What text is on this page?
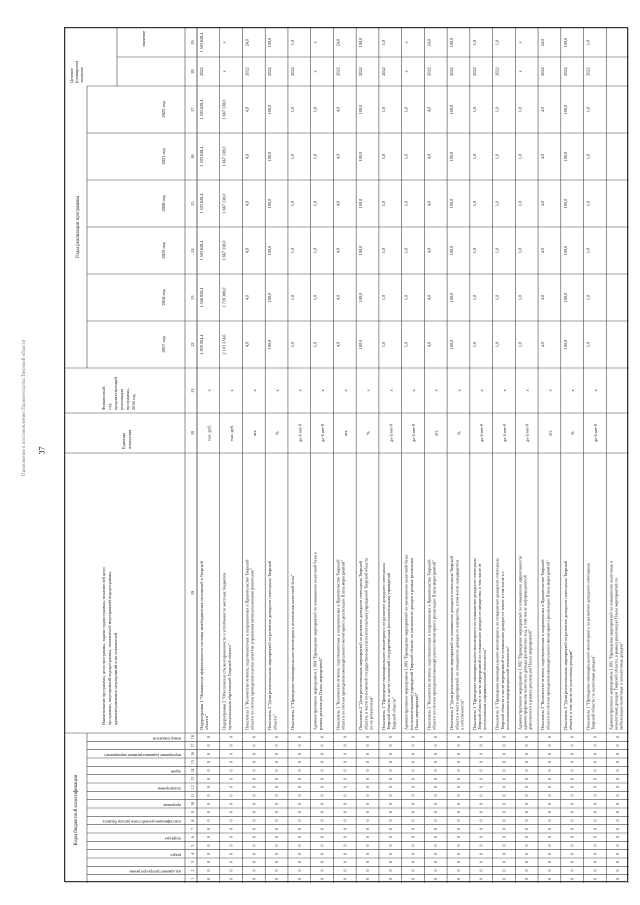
37
Приложение к постановлению Правительства Тверской области
Коды бюджетной классификации
Годы реализации программы
Наименование программы, цели программы, задачи подпрограммы, показателей цели программы, мероприятий подпрограммы, показателей мероприятий подпрограммы, административных мероприятий и их показателей
Единица измерения
Финансовый год, предшествующий реализации программы, 2016 год
Целевое (суммарное) значение
значение
2017 год
2018 год
2019 год
2020 год
2021 год
2022 год
код администратора программы
раздел
подраздел
классификация целевой статьи расхода бюджета
программа
подпрограмма
задача
мероприятие (административное мероприятие)
номер показателя
1
2
3
4
5
6
7
8
9
10
11
12
13
14
15
16
17
18
19
20
21
22
23
24
25
26
27
28
29
0
0
0
0
0
0
0
0
0
0
0
0
0
0
0
0
0
0
Подпрограмма 1 "Повышение эффективности системы межбюджетных отношений в Тверской области"
тыс. руб.
х
1 850 004,4
1 556 830,4
1 503 628,4
1 503 628,4
1 503 628,4
1 503 628,4
2022
1 503 628,4
0
0
0
0
0
0
0
0
0
0
0
0
0
0
0
0
0
0
Подпрограмма 2 "Обеспечение сбалансированности и устойчивости местных бюджетов муниципальных образований Тверской области"
тыс. руб.
х
2 103 374,6
1 739 388,0
1 667 138,0
1 667 138,0
1 667 138,0
1 667 138,0
х
х
0
0
0
0
0
0
0
0
0
0
0
0
0
0
0
0
0
0
Показатель 3 "Количество отчетов, подготовленных и направленных в Правительство Тверской области по итогам проведения оценки качества управления муниципальными финансами"
шт.
х
4,0
4,0
4,0
4,0
4,0
4,0
2022
24,0
0
0
0
0
0
0
0
0
0
0
0
0
0
0
0
0
0
0
Показатель 2 "Доля реализованных мероприятий по развитию доходного потенциала Тверской области"
%
х
100,0
100,0
100,0
100,0
100,0
100,0
2022
100,0
0
0
0
0
0
0
0
0
0
0
0
0
0
0
0
0
0
0
Показатель 1 "Проведение ежеквартального мониторинга исполнения налоговой базы"
да-1/нет-0
х
1,0
1,0
1,0
1,0
1,0
1,0
2022
1,0
0
0
0
0
0
0
0
0
0
0
0
0
0
0
0
0
0
0
Административное мероприятие 1.004 "Проведение мероприятий по повышению налоговой базы в рамках реализации Плана мероприятий"
да-1/нет-0
х
1,0
1,0
1,0
1,0
1,0
1,0
х
х
0
0
0
0
0
0
0
0
0
0
0
0
0
0
0
0
0
0
Показатель 1 "Количество отчетов, подготовленных и направленных в Правительство Тверской области по итогам проведения ежеквартального мониторинга реализации Плана мероприятий"
шт.
х
4,0
4,0
4,0
4,0
4,0
4,0
2022
24,0
0
0
0
0
0
0
0
0
0
0
0
0
0
0
0
0
0
0
Показатель 2 "Доля реализованных мероприятий по развитию доходного потенциала Тверской области, в части полномочий государственных (исполнительных) учреждений Тверской области по их результатам"
%
х
100,0
100,0
100,0
100,0
100,0
100,0
2022
100,0
0
0
0
0
0
0
0
0
0
0
0
0
0
0
0
0
0
0
Показатель 1 "Проведение ежеквартального мониторинга по развитию доходного потенциала Тверской области, в части полномочий государственных (исполнительных) учреждений Тверской области"
да-1/нет-0
х
1,0
1,0
1,0
1,0
1,0
1,0
2022
1,0
0
0
0
0
0
0
0
0
0
0
0
0
0
0
0
0
0
0
Административное мероприятие 1.003 "Проведение мероприятий по увеличению налоговой базы (исполнительными) учреждений Тверской области по увеличению доходов в рамках реализации Плана мероприятий"
да-1/нет-0
х
1,0
1,0
1,0
1,0
1,0
1,0
х
х
0
0
0
0
0
0
0
0
0
0
0
0
0
0
0
0
0
0
Показатель 3 "Количество отчетов, подготовленных и направленных в Правительство Тверской области по итогам проведения ежеквартального мониторинга реализации Плана мероприятий"
шт.
х
4,0
4,0
4,0
4,0
4,0
4,0
2022
24,0
0
0
0
0
0
0
0
0
0
0
0
0
0
0
0
0
0
0
Показатель 2 "Доля реализованных мероприятий по повышению доходного потенциала Тверской области в части мероприятий по повышению доходов от имущества, в том числе находящегося в собственности"
%
х
100,0
100,0
100,0
100,0
100,0
100,0
2022
100,0
0
0
0
0
0
0
0
0
0
0
0
0
0
0
0
0
0
0
Показатель 1 "Проведение ежеквартального мониторинга по повышению доходного потенциала Тверской области в части мероприятий по повышению доходов от имущества, в том числе от использования информационной технологии"
да-1/нет-0
х
1,0
1,0
1,0
1,0
1,0
1,0
2022
1,0
0
0
0
0
0
0
0
0
0
0
0
0
0
0
0
0
0
0
Показатель 3 "Проведение ежеквартального мониторинга по повышению доходного потенциала Тверской области в части мероприятий по повышению доходов от земли, в том числе и с использованием информационной технологии"
да-1/нет-0
х
1,0
1,0
1,0
1,0
1,0
1,0
2022
1,0
0
0
0
0
0
0
0
0
0
0
0
0
0
0
0
0
0
0
Административное мероприятие 1.002 "Проведение мероприятий по повышению эффективности администрирования налогов на доходы физических лиц, в том числе информационной деятельности в рамках реализации Плана мероприятий"
да-1/нет-0
х
1,0
1,0
1,0
1,0
1,0
1,0
х
х
0
0
0
0
0
0
0
0
0
0
0
0
0
0
0
0
0
0
Показатель 3 "Количество отчетов, подготовленных и направленных в Правительство Тверской области по итогам проведения ежеквартального мониторинга реализации Плана мероприятий"
шт.
х
4,0
4,0
4,0
4,0
4,0
4,0
2022
24,0
0
0
0
0
0
0
0
0
0
0
0
0
0
0
0
0
0
0
Показатель 2 "Доля реализованных мероприятий по развитию доходного потенциала Тверской области, в том числе по налоговым доходам"
%
х
100,0
100,0
100,0
100,0
100,0
100,0
2022
100,0
0
0
0
0
0
0
0
0
0
0
0
0
0
0
0
0
0
0
Показатель 1 "Проведение ежеквартального мониторинга по развитию доходного потенциала Тверской области по налоговым доходам"
да-1/нет-0
х
1,0
1,0
1,0
1,0
1,0
1,0
2022
1,0
0
0
0
0
0
0
0
0
0
0
0
0
0
0
0
0
0
0
Административное мероприятие 1.001 "Проведение мероприятий по повышению налоговых и неналоговых доходов Тверской области, в рамках реализации Плана мероприятий по мобилизации налоговых и неналоговых доходов"
